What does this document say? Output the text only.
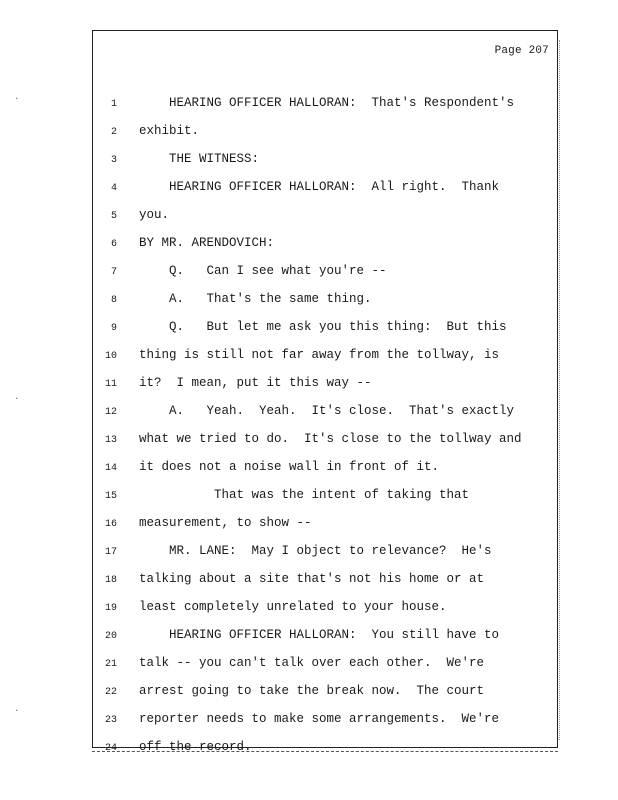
Page 207
1 HEARING OFFICER HALLORAN:  That's Respondent's
2 exhibit.
3 THE WITNESS:
4 HEARING OFFICER HALLORAN:  All right.  Thank
5 you.
6 BY MR. ARENDOVICH:
7 Q.   Can I see what you're --
8 A.   That's the same thing.
9 Q.   But let me ask you this thing:  But this
10 thing is still not far away from the tollway, is
11 it?  I mean, put it this way --
12 A.   Yeah.  Yeah.  It's close.  That's exactly
13 what we tried to do.  It's close to the tollway and
14 it does not a noise wall in front of it.
15 That was the intent of taking that
16 measurement, to show --
17 MR. LANE:  May I object to relevance?  He's
18 talking about a site that's not his home or at
19 least completely unrelated to your house.
20 HEARING OFFICER HALLORAN:  You still have to
21 talk -- you can't talk over each other.  We're
22 arrest going to take the break now.  The court
23 reporter needs to make some arrangements.  We're
24 off the record.
·
·
·
